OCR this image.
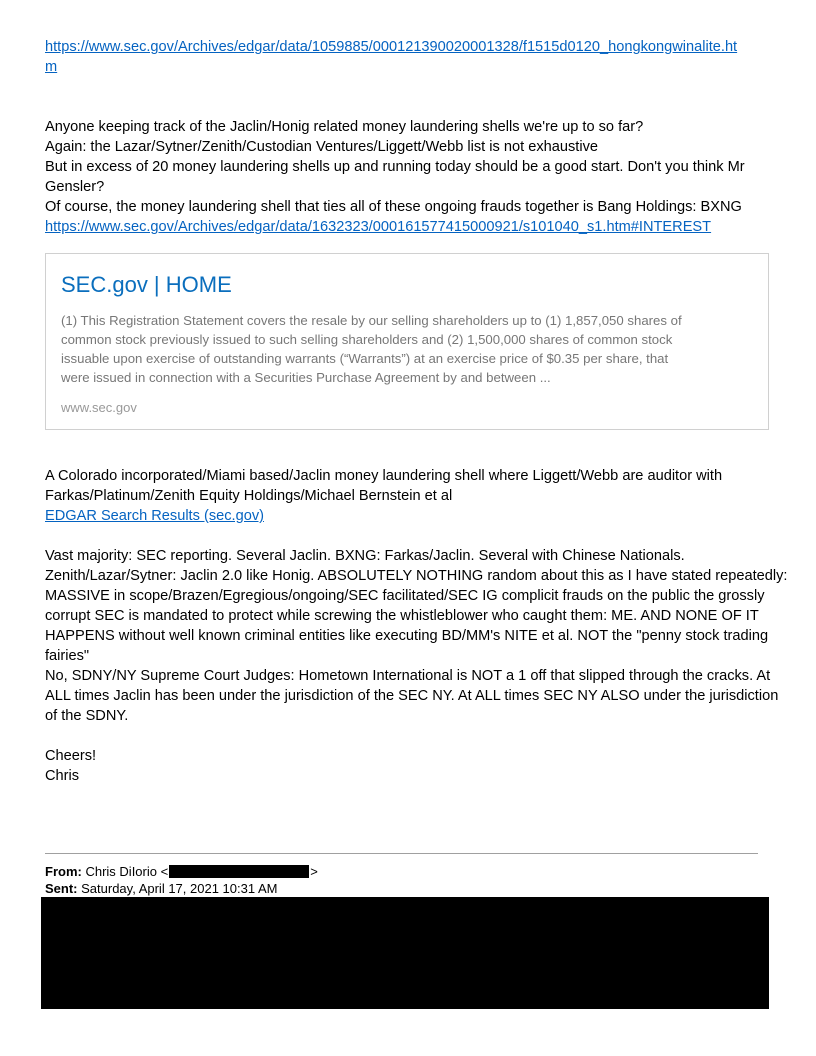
https://www.sec.gov/Archives/edgar/data/1059885/000121390020001328/f1515d0120_hongkongwinalite.ht
m
Anyone keeping track of the Jaclin/Honig related money laundering shells we're up to so far?
Again: the Lazar/Sytner/Zenith/Custodian Ventures/Liggett/Webb list is not exhaustive
But in excess of 20 money laundering shells up and running today should be a good start. Don't you think Mr
Gensler?
Of course, the money laundering shell that ties all of these ongoing frauds together is Bang Holdings: BXNG
https://www.sec.gov/Archives/edgar/data/1632323/000161577415000921/s101040_s1.htm#INTEREST
SEC.gov | HOME
(1) This Registration Statement covers the resale by our selling shareholders up to (1) 1,857,050 shares of
common stock previously issued to such selling shareholders and (2) 1,500,000 shares of common stock
issuable upon exercise of outstanding warrants (“Warrants”) at an exercise price of $0.35 per share, that
were issued in connection with a Securities Purchase Agreement by and between ...
www.sec.gov
A Colorado incorporated/Miami based/Jaclin money laundering shell where Liggett/Webb are auditor with
Farkas/Platinum/Zenith Equity Holdings/Michael Bernstein et al
EDGAR Search Results (sec.gov)
Vast majority: SEC reporting. Several Jaclin. BXNG: Farkas/Jaclin. Several with Chinese Nationals.
Zenith/Lazar/Sytner: Jaclin 2.0 like Honig. ABSOLUTELY NOTHING random about this as I have stated repeatedly:
MASSIVE in scope/Brazen/Egregious/ongoing/SEC facilitated/SEC IG complicit frauds on the public the grossly
corrupt SEC is mandated to protect while screwing the whistleblower who caught them: ME. AND NONE OF IT
HAPPENS without well known criminal entities like executing BD/MM's NITE et al. NOT the "penny stock trading
fairies"
No, SDNY/NY Supreme Court Judges: Hometown International is NOT a 1 off that slipped through the cracks. At
ALL times Jaclin has been under the jurisdiction of the SEC NY. At ALL times SEC NY ALSO under the jurisdiction
of the SDNY.
Cheers!
Chris
From: Chris DiIorio <	>
Sent: Saturday, April 17, 2021 10:31 AM
